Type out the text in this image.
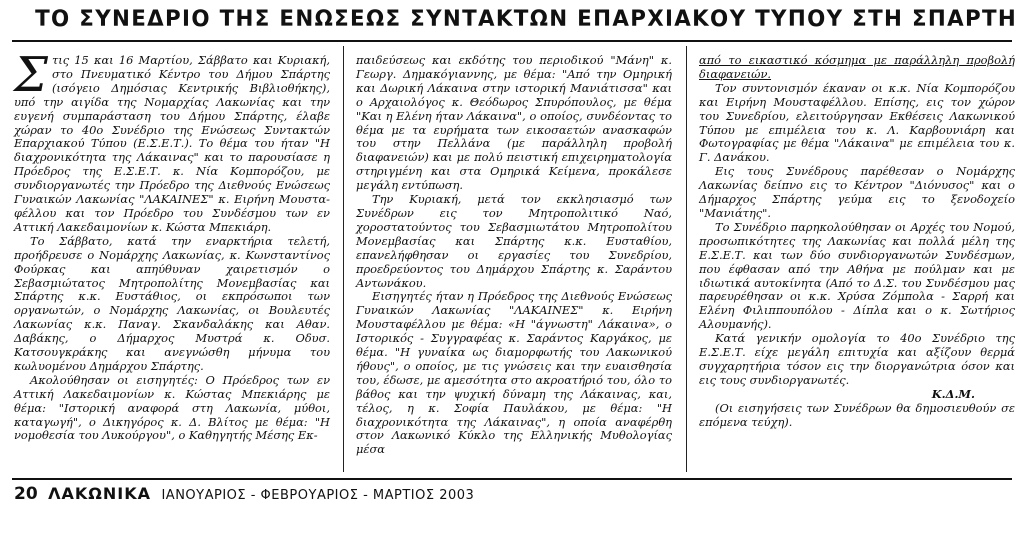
ΤΟ ΣΥΝΕΔΡΙΟ ΤΗΣ ΕΝΩΣΕΩΣ ΣΥΝΤΑΚΤΩΝ ΕΠΑΡΧΙΑΚΟΥ ΤΥΠΟΥ ΣΤΗ ΣΠΑΡΤΗ

Στις 15 και 16 Μαρτίου, Σάββατο και Κυριακή, στο Πνευματικό Κέντρο του Δήμου Σπάρτης (ισόγειο Δημόσιας Κεντρικής Βιβλιοθήκης), υπό την αιγίδα της Νομαρχίας Λακωνίας και την ευγενή συμπαράσταση του Δήμου Σπάρτης, έλαβε χώραν το 40ο Συνέδριο της Ενώσεως Συντακτών Επαρχιακού Τύπου (Ε.Σ.Ε.Τ.). Το θέμα του ήταν "Η διαχρονικότητα της Λάκαινας" και το παρουσίασε η Πρόεδρος της Ε.Σ.Ε.Τ. κ. Νία Κομπορόζου, με συνδιοργανωτές την Πρόεδρο της Διεθνούς Ενώσεως Γυναικών Λακωνίας "ΛΑΚΑΙΝΕΣ" κ. Ειρήνη Μουστα-φέλλου και τον Πρόεδρο του Συνδέσμου των εν Αττική Λακεδαιμονίων κ. Κώστα Μπεκιάρη.

Το Σάββατο, κατά την εναρκτήρια τελετή, προήδρευσε ο Νομάρχης Λακωνίας, κ. Κωνσταντίνος Φούρκας και απηύθυναν χαιρετισμόν ο Σεβασμιώτατος Μητροπολίτης Μονεμβασίας και Σπάρτης κ.κ. Ευστάθιος, οι εκπρόσωποι των οργανωτών, ο Νομάρχης Λακωνίας, οι Βουλευτές Λακωνίας κ.κ. Παναγ. Σκανδαλάκης και Αθαν. Δαβάκης, ο Δήμαρχος Μυστρά κ. Οδυσ. Κατσουγκράκης και ανεγνώσθη μήνυμα του κωλυομένου Δημάρχου Σπάρτης.

Ακολούθησαν οι εισηγητές: Ο Πρόεδρος των εν Αττική Λακεδαιμονίων κ. Κώστας Μπεκιάρης με θέμα: "Ιστορική αναφορά στη Λακωνία, μύθοι, καταγωγή", ο Δικηγόρος κ. Δ. Βλίτος με θέμα: "Η νομοθεσία του Λυκούργου", ο Καθηγητής Μέσης Εκ-

παιδεύσεως και εκδότης του περιοδικού "Μάνη" κ. Γεωργ. Δημακόγιαννης, με θέμα: "Από την Ομηρική και Δωρική Λάκαινα στην ιστορική Μανιάτισσα" και ο Αρχαιολόγος κ. Θεόδωρος Σπυρόπουλος, με θέμα "Και η Ελένη ήταν Λάκαινα", ο οποίος, συνδέοντας το θέμα με τα ευρήματα των εικοσαετών ανασκαφών του στην Πελλάνα (με παράλληλη προβολή διαφανειών) και με πολύ πειστική επιχειρηματολογία στηριγμένη και στα Ομηρικά Κείμενα, προκάλεσε μεγάλη εντύπωση.

Την Κυριακή, μετά τον εκκλησιασμό των Συνέδρων εις τον Μητροπολιτικό Ναό, χοροστατούντος του Σεβασμιωτάτου Μητροπολίτου Μονεμβασίας και Σπάρτης κ.κ. Ευσταθίου, επανελήφθησαν οι εργασίες του Συνεδρίου, προεδρεύοντος του Δημάρχου Σπάρτης κ. Σαράντου Αντωνάκου.

Εισηγητές ήταν η Πρόεδρος της Διεθνούς Ενώσεως Γυναικών Λακωνίας "ΛΑΚΑΙΝΕΣ" κ. Ειρήνη Μουσταφέλλου με θέμα: «Η "άγνωστη" Λάκαινα», ο Ιστορικός - Συγγραφέας κ. Σαράντος Καργάκος, με θέμα. "Η γυναίκα ως διαμορφωτής του Λακωνικού ήθους", ο οποίος, με τις γνώσεις και την ευαισθησία του, έδωσε, με αμεσότητα στο ακροατήριό του, όλο το βάθος και την ψυχική δύναμη της Λάκαινας, και, τέλος, η κ. Σοφία Παυλάκου, με θέμα: "Η διαχρονικότητα της Λάκαινας", η οποία αναφέρθη στον Λακωνικό Κύκλο της Ελληνικής Μυθολογίας μέσα

από το εικαστικό κόσμημα με παράλληλη προβολή διαφανειών.

Τον συντονισμόν έκαναν οι κ.κ. Νία Κομπορόζου και Ειρήνη Μουσταφέλλου. Επίσης, εις τον χώρον του Συνεδρίου, ελειτούργησαν Εκθέσεις Λακωνικού Τύπου με επιμέλεια του κ. Λ. Καρβουνιάρη και Φωτογραφίας με θέμα "Λάκαινα" με επιμέλεια του κ. Γ. Δανάκου.

Εις τους Συνέδρους παρέθεσαν ο Νομάρχης Λακωνίας δείπνο εις το Κέντρον "Διόνυσος" και ο Δήμαρχος Σπάρτης γεύμα εις το ξενοδοχείο "Μανιάτης".

Το Συνέδριο παρηκολούθησαν οι Αρχές του Νομού, προσωπικότητες της Λακωνίας και πολλά μέλη της Ε.Σ.Ε.Τ. και των δύο συνδιοργανωτών Συνδέσμων, που έφθασαν από την Αθήνα με πούλμαν και με ιδιωτικά αυτοκίνητα (Από το Δ.Σ. του Συνδέσμου μας παρευρέθησαν οι κ.κ. Χρύσα Ζόμπολα - Σαρρή και Ελένη Φιλιππουπόλου - Δίπλα και ο κ. Σωτήριος Αλουμανής).

Κατά γενικήν ομολογία το 40ο Συνέδριο της Ε.Σ.Ε.Τ. είχε μεγάλη επιτυχία και αξίζουν θερμά συγχαρητήρια τόσον εις την διοργανώτρια όσον και εις τους συνδιοργανωτές.

Κ.Δ.Μ.

(Οι εισηγήσεις των Συνέδρων θα δημοσιευθούν σε επόμενα τεύχη).

20 ΛΑΚΩΝΙΚΑ ΙΑΝΟΥΑΡΙΟΣ - ΦΕΒΡΟΥΑΡΙΟΣ - ΜΑΡΤΙΟΣ 2003
